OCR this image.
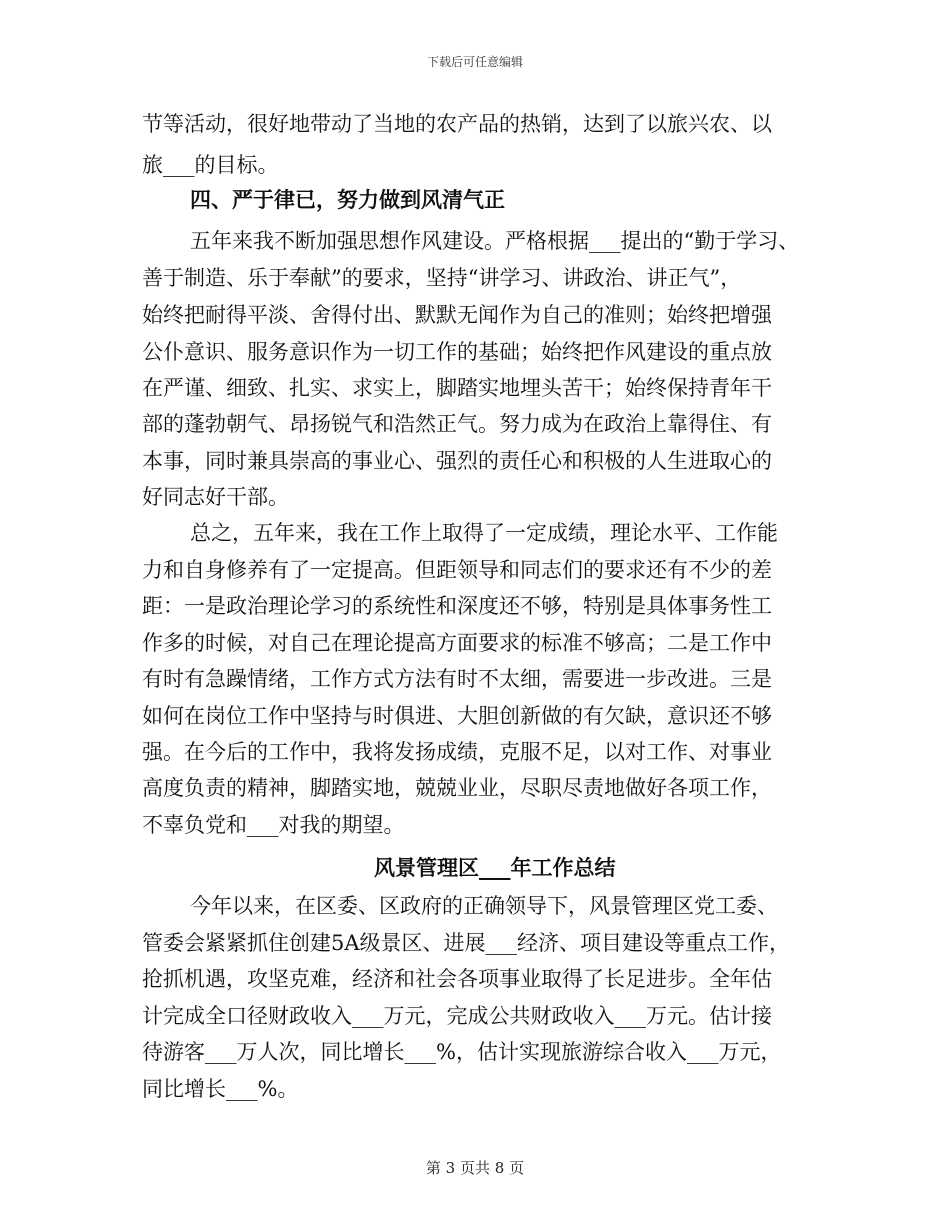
下载后可任意编辑
节等活动，很好地带动了当地的农产品的热销，达到了以旅兴农、以
旅___的目标。
四、严于律已，努力做到风清气正
五年来我不断加强思想作风建设。严格根据___提出的“勤于学习、
善于制造、乐于奉献”的要求，坚持“讲学习、讲政治、讲正气”，
始终把耐得平淡、舍得付出、默默无闻作为自己的准则；始终把增强
公仆意识、服务意识作为一切工作的基础；始终把作风建设的重点放
在严谨、细致、扎实、求实上，脚踏实地埋头苦干；始终保持青年干
部的蓬勃朝气、昂扬锐气和浩然正气。努力成为在政治上靠得住、有
本事，同时兼具崇高的事业心、强烈的责任心和积极的人生进取心的
好同志好干部。
总之，五年来，我在工作上取得了一定成绩，理论水平、工作能
力和自身修养有了一定提高。但距领导和同志们的要求还有不少的差
距：一是政治理论学习的系统性和深度还不够，特别是具体事务性工
作多的时候，对自己在理论提高方面要求的标准不够高；二是工作中
有时有急躁情绪，工作方式方法有时不太细，需要进一步改进。三是
如何在岗位工作中坚持与时俱进、大胆创新做的有欠缺，意识还不够
强。在今后的工作中，我将发扬成绩，克服不足，以对工作、对事业
高度负责的精神，脚踏实地，兢兢业业，尽职尽责地做好各项工作，
不辜负党和___对我的期望。
风景管理区___年工作总结
今年以来，在区委、区政府的正确领导下，风景管理区党工委、
管委会紧紧抓住创建5A级景区、进展___经济、项目建设等重点工作，
抢抓机遇，攻坚克难，经济和社会各项事业取得了长足进步。全年估
计完成全口径财政收入___万元，完成公共财政收入___万元。估计接
待游客___万人次，同比增长___%，估计实现旅游综合收入___万元，
同比增长___%。
第 3 页共 8 页
